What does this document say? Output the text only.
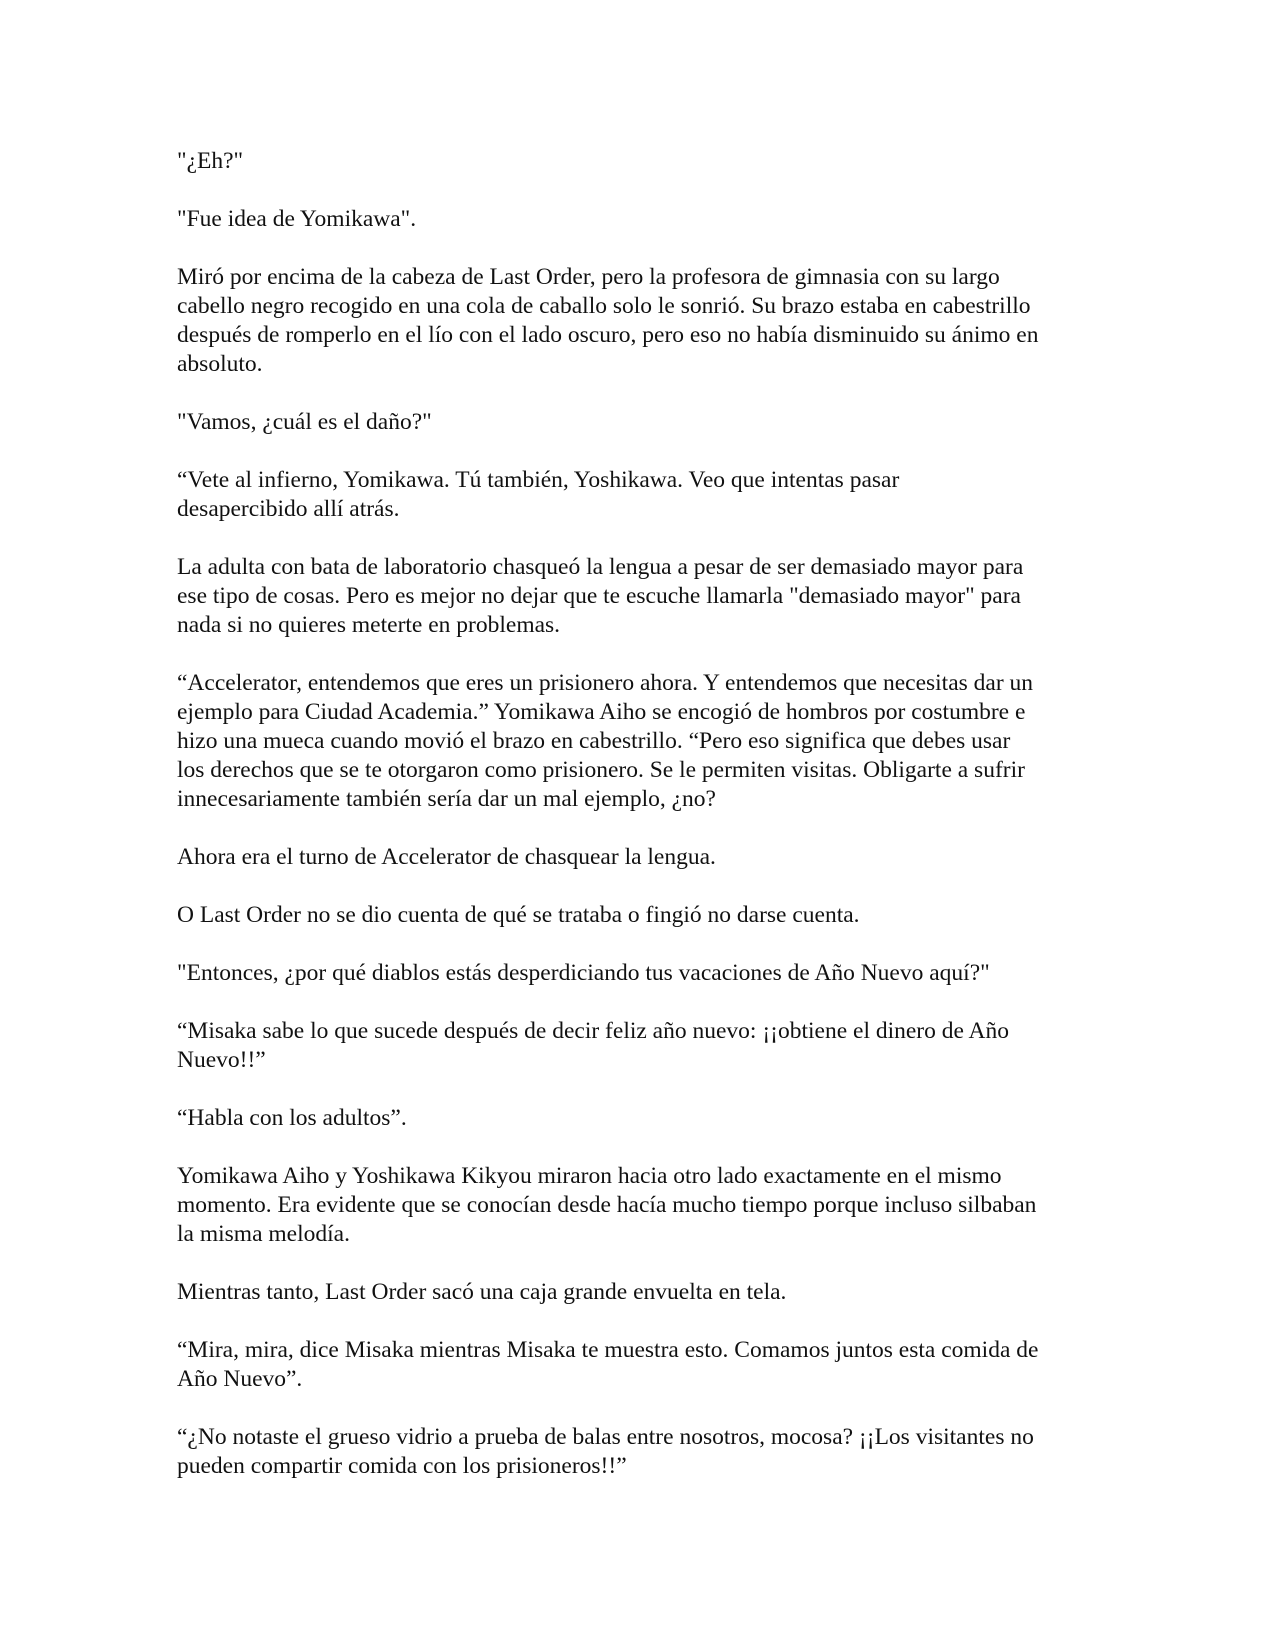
"¿Eh?"

"Fue idea de Yomikawa".

Miró por encima de la cabeza de Last Order, pero la profesora de gimnasia con su largo
cabello negro recogido en una cola de caballo solo le sonrió. Su brazo estaba en cabestrillo
después de romperlo en el lío con el lado oscuro, pero eso no había disminuido su ánimo en
absoluto.

"Vamos, ¿cuál es el daño?"

“Vete al infierno, Yomikawa. Tú también, Yoshikawa. Veo que intentas pasar
desapercibido allí atrás.

La adulta con bata de laboratorio chasqueó la lengua a pesar de ser demasiado mayor para
ese tipo de cosas. Pero es mejor no dejar que te escuche llamarla "demasiado mayor" para
nada si no quieres meterte en problemas.

“Accelerator, entendemos que eres un prisionero ahora. Y entendemos que necesitas dar un
ejemplo para Ciudad Academia.” Yomikawa Aiho se encogió de hombros por costumbre e
hizo una mueca cuando movió el brazo en cabestrillo. “Pero eso significa que debes usar
los derechos que se te otorgaron como prisionero. Se le permiten visitas. Obligarte a sufrir
innecesariamente también sería dar un mal ejemplo, ¿no?

Ahora era el turno de Accelerator de chasquear la lengua.

O Last Order no se dio cuenta de qué se trataba o fingió no darse cuenta.

"Entonces, ¿por qué diablos estás desperdiciando tus vacaciones de Año Nuevo aquí?"

“Misaka sabe lo que sucede después de decir feliz año nuevo: ¡¡obtiene el dinero de Año
Nuevo!!”

“Habla con los adultos”.

Yomikawa Aiho y Yoshikawa Kikyou miraron hacia otro lado exactamente en el mismo
momento. Era evidente que se conocían desde hacía mucho tiempo porque incluso silbaban
la misma melodía.

Mientras tanto, Last Order sacó una caja grande envuelta en tela.

“Mira, mira, dice Misaka mientras Misaka te muestra esto. Comamos juntos esta comida de
Año Nuevo”.

“¿No notaste el grueso vidrio a prueba de balas entre nosotros, mocosa? ¡¡Los visitantes no
pueden compartir comida con los prisioneros!!”
